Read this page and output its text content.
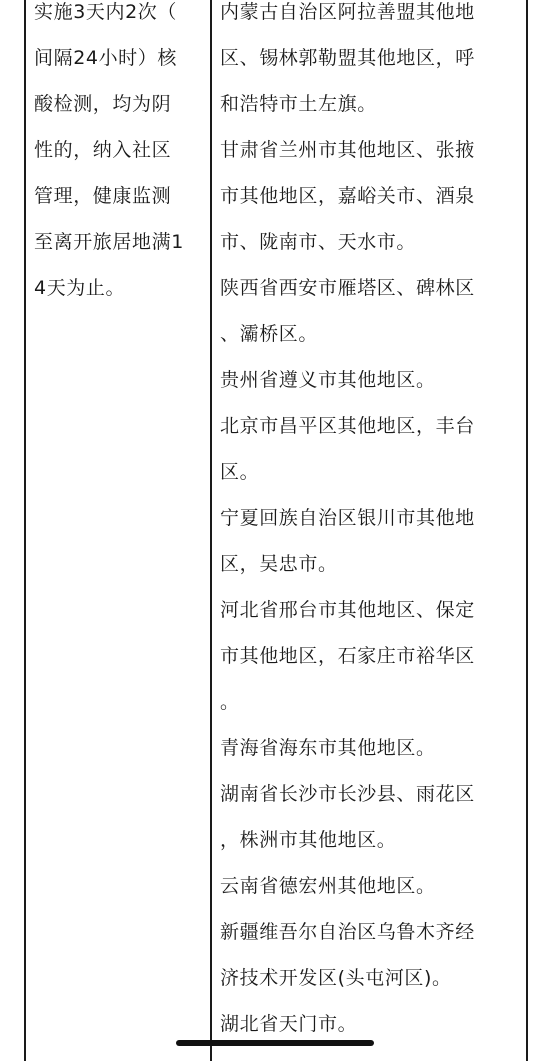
实施3天内2次（
间隔24小时）核
酸检测，均为阴
性的，纳入社区
管理，健康监测
至离开旅居地满1
4天为止。
内蒙古自治区阿拉善盟其他地
区、锡林郭勒盟其他地区，呼
和浩特市土左旗。
甘肃省兰州市其他地区、张掖
市其他地区，嘉峪关市、酒泉
市、陇南市、天水市。
陕西省西安市雁塔区、碑林区
、灞桥区。
贵州省遵义市其他地区。
北京市昌平区其他地区，丰台
区。
宁夏回族自治区银川市其他地
区，吴忠市。
河北省邢台市其他地区、保定
市其他地区，石家庄市裕华区
。
青海省海东市其他地区。
湖南省长沙市长沙县、雨花区
，株洲市其他地区。
云南省德宏州其他地区。
新疆维吾尔自治区乌鲁木齐经
济技术开发区(头屯河区)。
湖北省天门市。
